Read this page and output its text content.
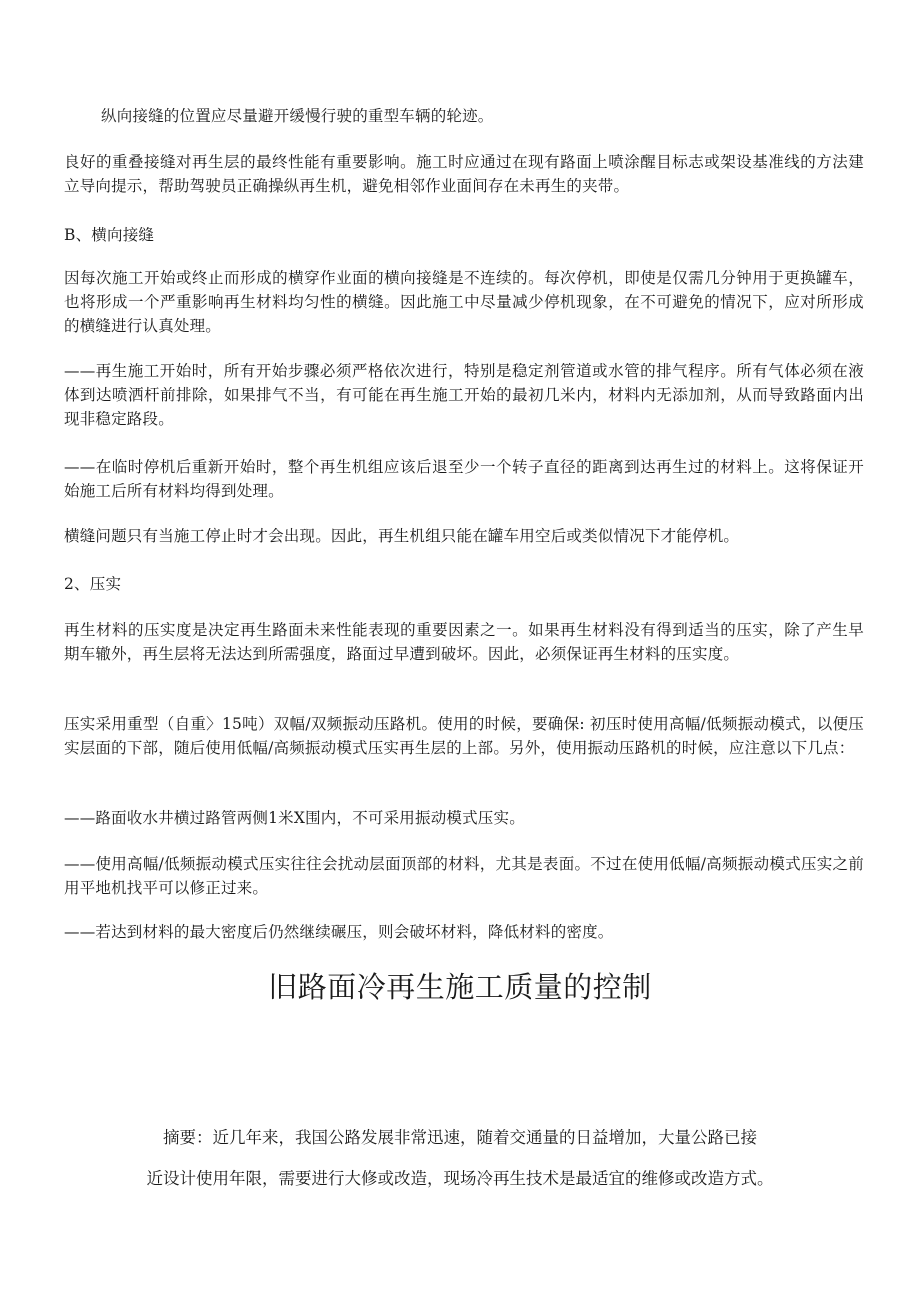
纵向接缝的位置应尽量避开缓慢行驶的重型车辆的轮迹。

良好的重叠接缝对再生层的最终性能有重要影响。施工时应通过在现有路面上喷涂醒目标志或架设基准线的方法建立导向提示，帮助驾驶员正确操纵再生机，避免相邻作业面间存在未再生的夹带。

B、横向接缝

因每次施工开始或终止而形成的横穿作业面的横向接缝是不连续的。每次停机，即使是仅需几分钟用于更换罐车，也将形成一个严重影响再生材料均匀性的横缝。因此施工中尽量减少停机现象，在不可避免的情况下，应对所形成的横缝进行认真处理。

——再生施工开始时，所有开始步骤必须严格依次进行，特别是稳定剂管道或水管的排气程序。所有气体必须在液体到达喷洒杆前排除，如果排气不当，有可能在再生施工开始的最初几米内，材料内无添加剂，从而导致路面内出现非稳定路段。

——在临时停机后重新开始时，整个再生机组应该后退至少一个转子直径的距离到达再生过的材料上。这将保证开始施工后所有材料均得到处理。

横缝问题只有当施工停止时才会出现。因此，再生机组只能在罐车用空后或类似情况下才能停机。

2、压实

再生材料的压实度是决定再生路面未来性能表现的重要因素之一。如果再生材料没有得到适当的压实，除了产生早期车辙外，再生层将无法达到所需强度，路面过早遭到破坏。因此，必须保证再生材料的压实度。

压实采用重型（自重〉15吨）双幅/双频振动压路机。使用的时候，要确保: 初压时使用高幅/低频振动模式，以便压实层面的下部，随后使用低幅/高频振动模式压实再生层的上部。另外，使用振动压路机的时候，应注意以下几点：

——路面收水井横过路管两侧1米X围内，不可采用振动模式压实。

——使用高幅/低频振动模式压实往往会扰动层面顶部的材料，尤其是表面。不过在使用低幅/高频振动模式压实之前用平地机找平可以修正过来。

——若达到材料的最大密度后仍然继续碾压，则会破坏材料，降低材料的密度。

旧路面冷再生施工质量的控制

摘要：近几年来，我国公路发展非常迅速，随着交通量的日益增加，大量公路已接

近设计使用年限，需要进行大修或改造，现场冷再生技术是最适宜的维修或改造方式。
